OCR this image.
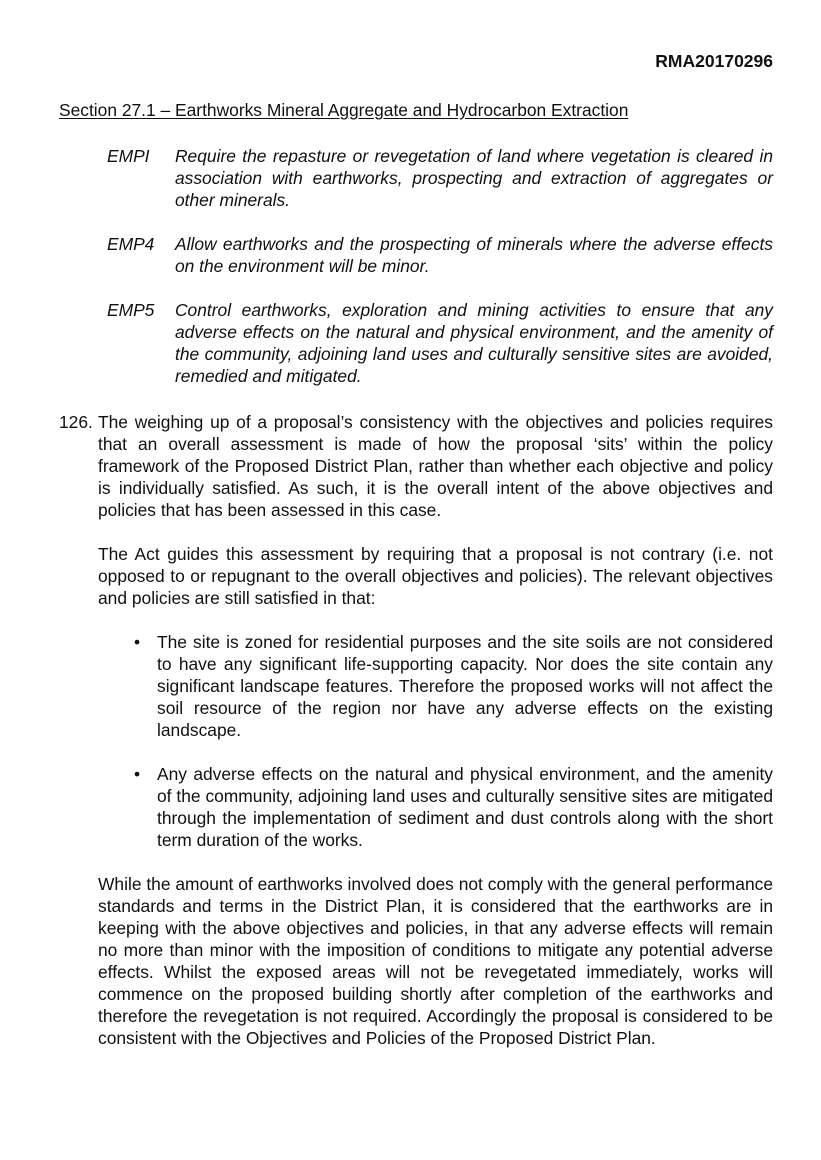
RMA20170296
Section 27.1 – Earthworks Mineral Aggregate and Hydrocarbon Extraction
EMPI	Require the repasture or revegetation of land where vegetation is cleared in association with earthworks, prospecting and extraction of aggregates or other minerals.
EMP4	Allow earthworks and the prospecting of minerals where the adverse effects on the environment will be minor.
EMP5	Control earthworks, exploration and mining activities to ensure that any adverse effects on the natural and physical environment, and the amenity of the community, adjoining land uses and culturally sensitive sites are avoided, remedied and mitigated.
126. The weighing up of a proposal’s consistency with the objectives and policies requires that an overall assessment is made of how the proposal ‘sits’ within the policy framework of the Proposed District Plan, rather than whether each objective and policy is individually satisfied. As such, it is the overall intent of the above objectives and policies that has been assessed in this case.

The Act guides this assessment by requiring that a proposal is not contrary (i.e. not opposed to or repugnant to the overall objectives and policies). The relevant objectives and policies are still satisfied in that:

• The site is zoned for residential purposes and the site soils are not considered to have any significant life-supporting capacity. Nor does the site contain any significant landscape features. Therefore the proposed works will not affect the soil resource of the region nor have any adverse effects on the existing landscape.
• Any adverse effects on the natural and physical environment, and the amenity of the community, adjoining land uses and culturally sensitive sites are mitigated through the implementation of sediment and dust controls along with the short term duration of the works.

While the amount of earthworks involved does not comply with the general performance standards and terms in the District Plan, it is considered that the earthworks are in keeping with the above objectives and policies, in that any adverse effects will remain no more than minor with the imposition of conditions to mitigate any potential adverse effects. Whilst the exposed areas will not be revegetated immediately, works will commence on the proposed building shortly after completion of the earthworks and therefore the revegetation is not required. Accordingly the proposal is considered to be consistent with the Objectives and Policies of the Proposed District Plan.
